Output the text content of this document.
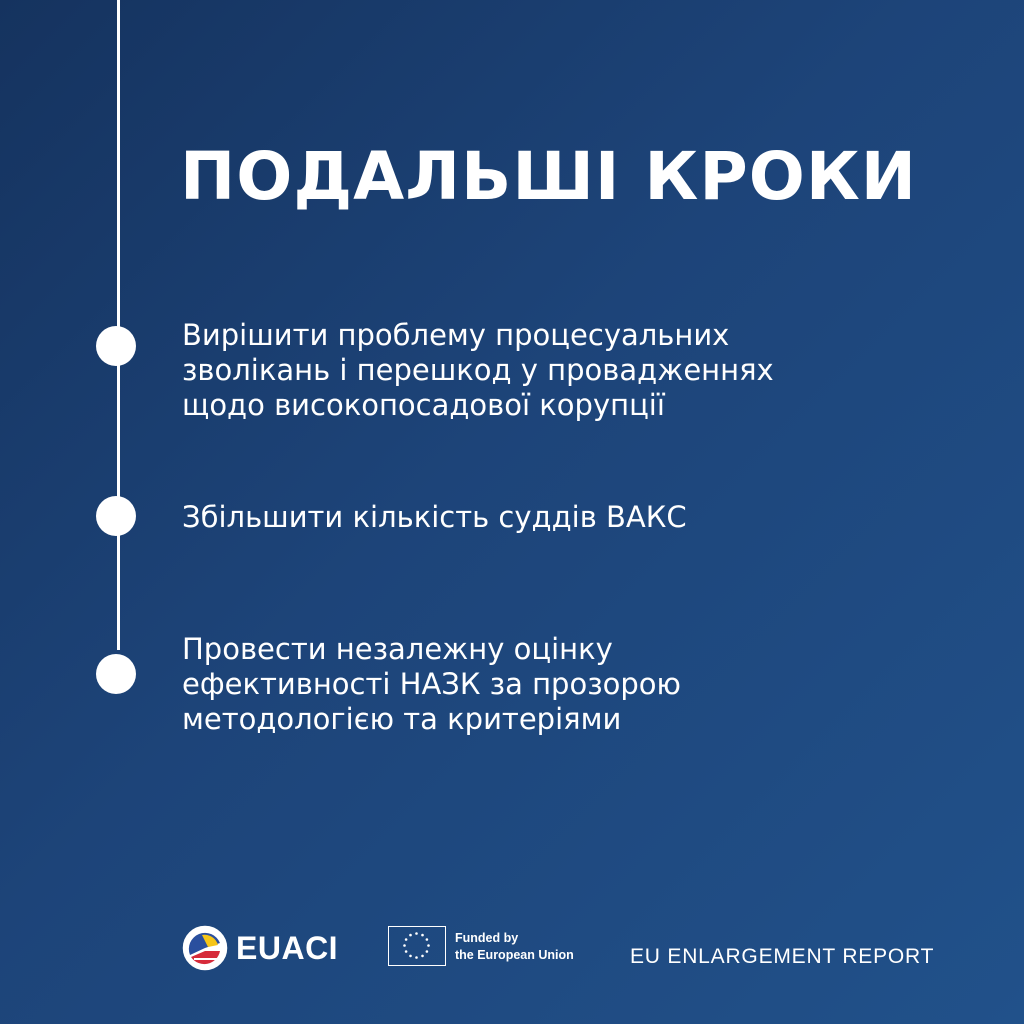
ПОДАЛЬШІ КРОКИ
Вирішити проблему процесуальних
зволікань і перешкод у провадженнях
щодо високопосадової корупції
Збільшити кількість суддів ВАКС
Провести незалежну оцінку
ефективності НАЗК за прозорою
методологією та критеріями
EUACI	Funded by
the European Union	EU ENLARGEMENT REPORT
